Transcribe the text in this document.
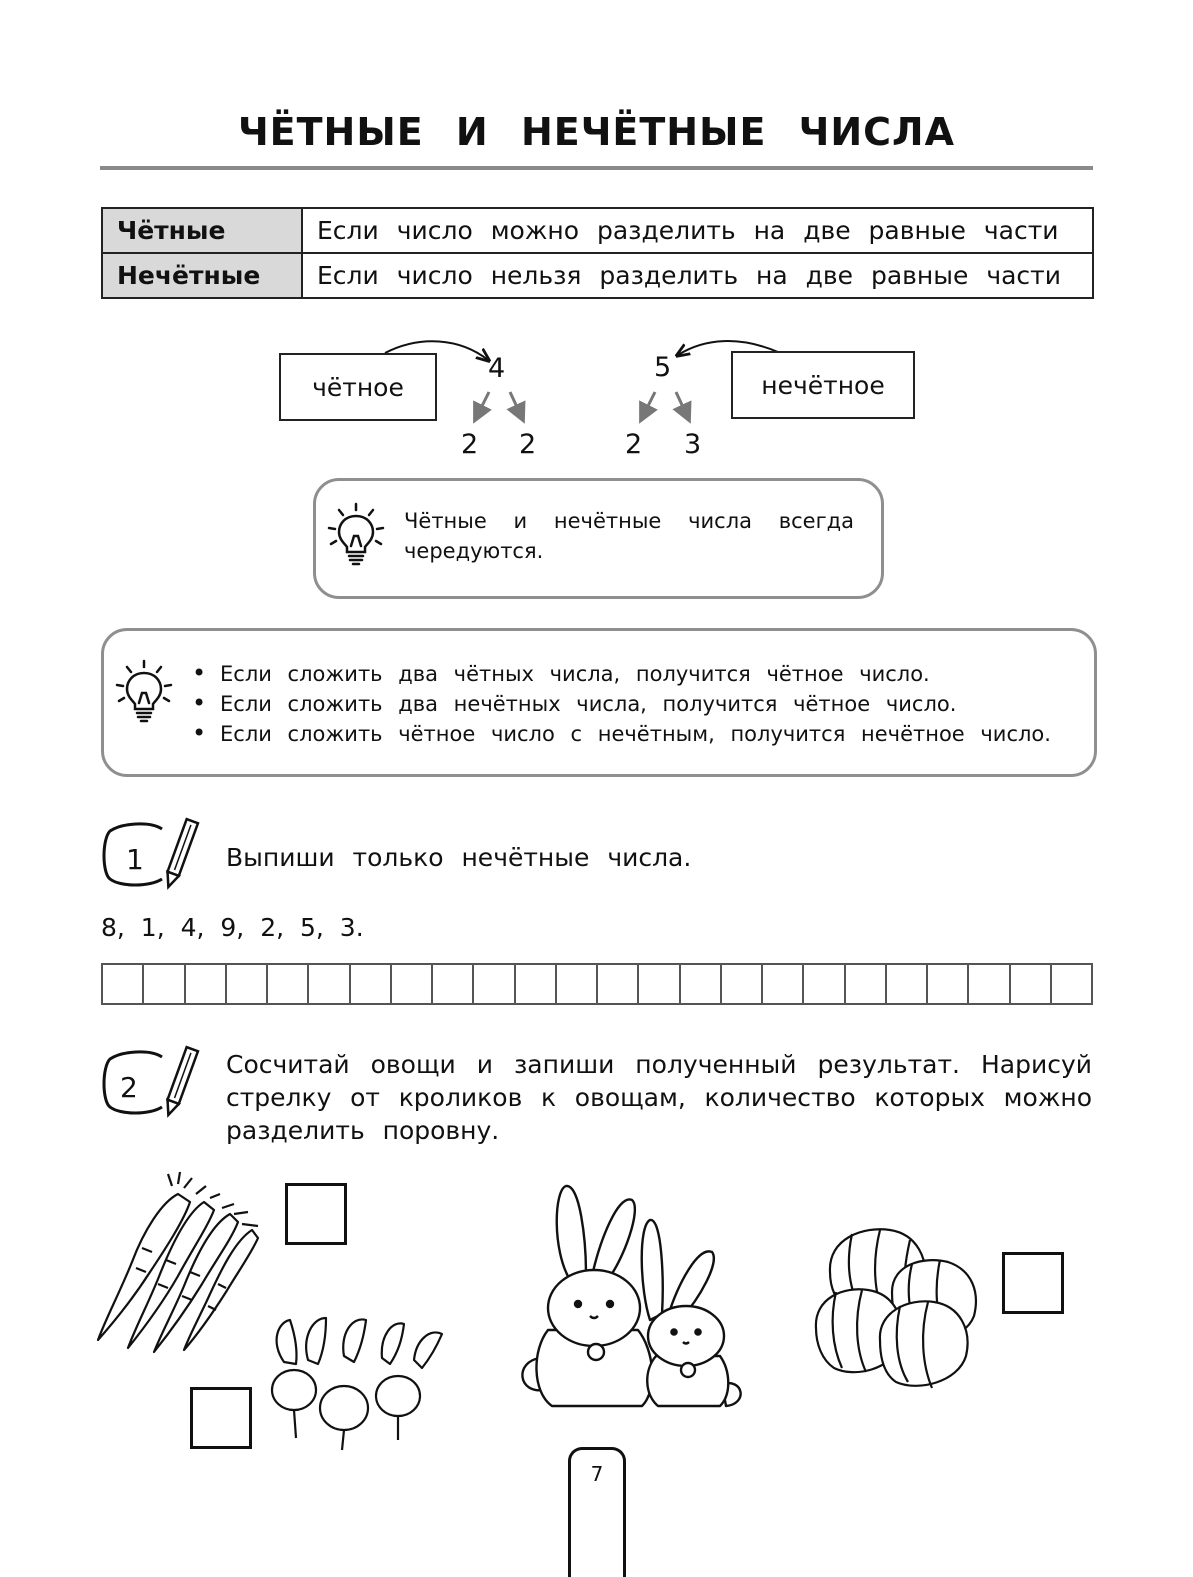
ЧЁТНЫЕ И НЕЧЁТНЫЕ ЧИСЛА
Чётные	Если число можно разделить на две равные части
Нечётные	Если число нельзя разделить на две равные части
чётное	нечётное
4	5
2 2	2 3
Чётные и нечётные числа всегда чередуются.
• Если сложить два чётных числа, получится чётное число.
• Если сложить два нечётных числа, получится чётное число.
• Если сложить чётное число с нечётным, получится нечётное число.
1	Выпиши только нечётные числа.
8, 1, 4, 9, 2, 5, 3.
2
Сосчитай овощи и запиши полученный результат. Нарисуй стрелку от кроликов к овощам, количество которых можно разделить поровну.
7
